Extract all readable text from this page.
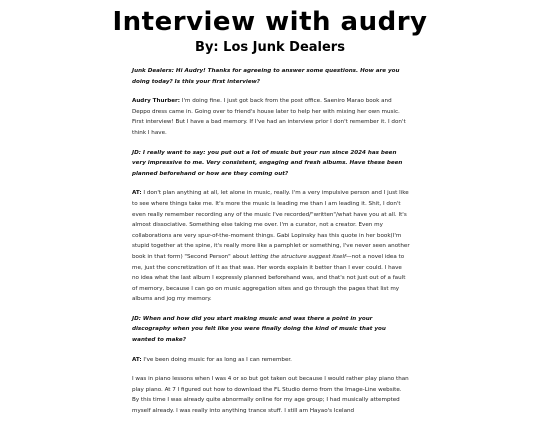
Interview with audry
By: Los Junk Dealers

Junk Dealers: Hi Audry! Thanks for agreeing to answer some questions. How are you doing today? Is this your first interview?

Audry Thurber: I'm doing fine. I just got back from the post office. Saeniro Marao book and Deppo dress came in. Going over to friend's house later to help her with mixing her own music. First interview! But I have a bad memory. If I've had an interview prior I don't remember it. I don't think I have.

JD: I really want to say: you put out a lot of music but your run since 2024 has been very impressive to me. Very consistent, engaging and fresh albums. Have these been planned beforehand or how are they coming out?

AT: I don't plan anything at all, let alone in music, really. I'm a very impulsive person and I just like to see where things take me. It's more the music is leading me than I am leading it. Shit, I don't even really remember recording any of the music I've recorded/"written"/what have you at all. It's almost dissociative. Something else taking me over. I'm a curator, not a creator. Even my collaborations are very spur-of-the-moment things. Gabi Lopinsky has this quote in her book(I'm stupid together at the spine, it's really more like a pamphlet or something, I've never seen another book in that form) "Second Person" about letting the structure suggest itself—not a novel idea to me, just the concretization of it as that was. Her words explain it better than I ever could. I have no idea what the last album I expressly planned beforehand was, and that's not just out of a fault of memory, because I can go on music aggregation sites and go through the pages that list my albums and jog my memory.

JD: When and how did you start making music and was there a point in your discography when you felt like you were finally doing the kind of music that you wanted to make?

AT: I've been doing music for as long as I can remember.

I was in piano lessons when I was 4 or so but got taken out because I would rather play piano than play piano. At 7 I figured out how to download the FL Studio demo from the Image-Line website. By this time I was already quite abnormally online for my age group; I had musically attempted myself already. I was really into anything trance stuff. I still am Hayao's Iceland
